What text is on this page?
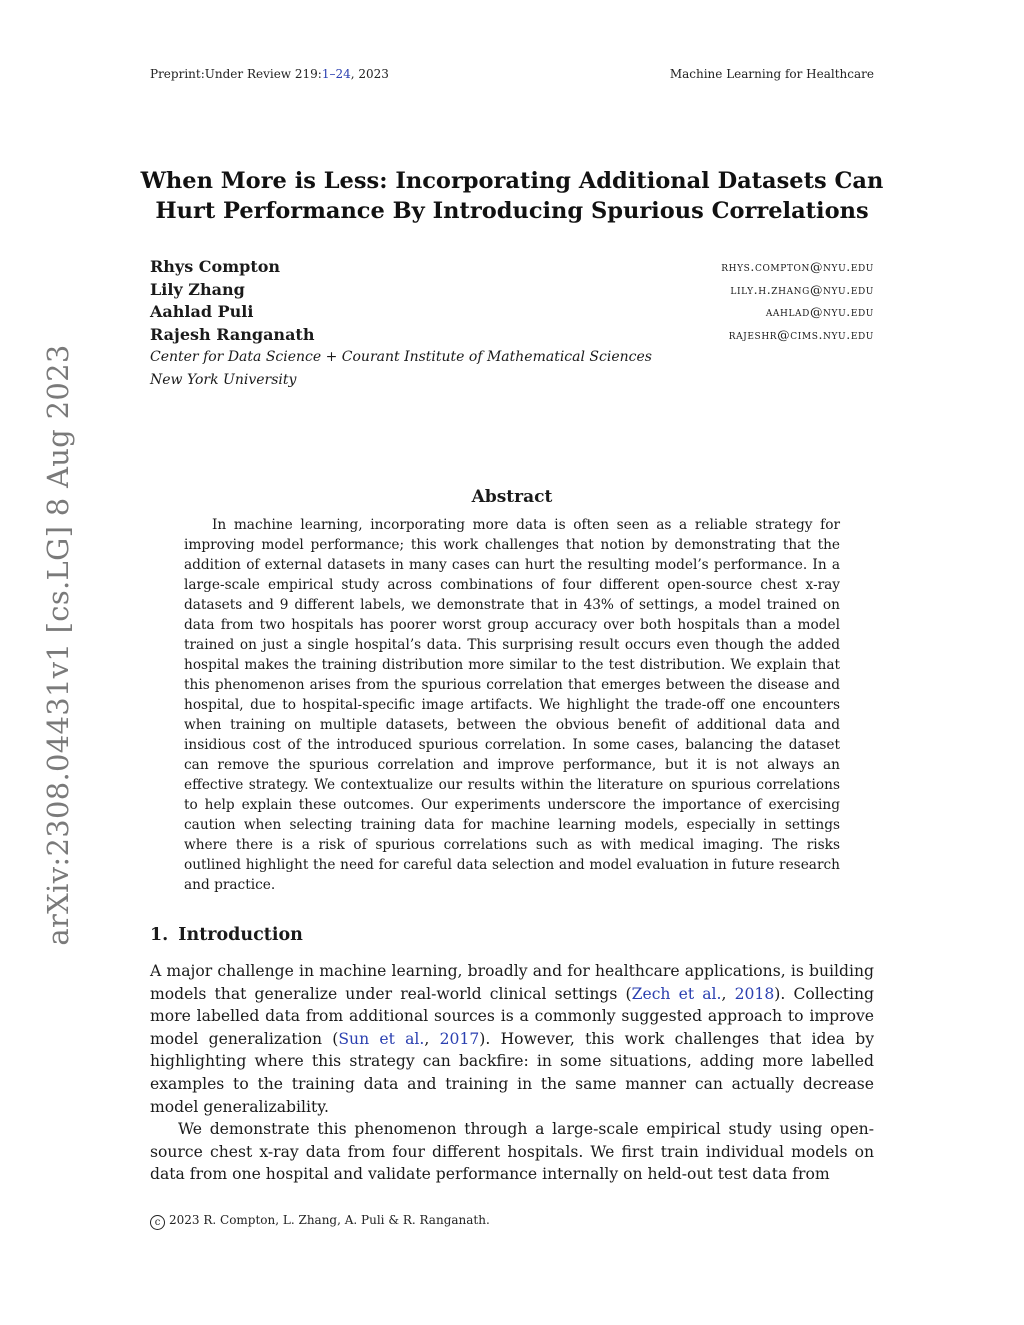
Preprint:Under Review 219:1–24, 2023	Machine Learning for Healthcare
arXiv:2308.04431v1 [cs.LG] 8 Aug 2023
When More is Less: Incorporating Additional Datasets Can
Hurt Performance By Introducing Spurious Correlations
Rhys Compton	rhys.compton@nyu.edu
Lily Zhang	lily.h.zhang@nyu.edu
Aahlad Puli	aahlad@nyu.edu
Rajesh Ranganath	rajeshr@cims.nyu.edu
Center for Data Science + Courant Institute of Mathematical Sciences
New York University
Abstract
In machine learning, incorporating more data is often seen as a reliable strategy for improving model performance; this work challenges that notion by demonstrating that the addition of external datasets in many cases can hurt the resulting model’s performance. In a large-scale empirical study across combinations of four different open-source chest x-ray datasets and 9 different labels, we demonstrate that in 43% of settings, a model trained on data from two hospitals has poorer worst group accuracy over both hospitals than a model trained on just a single hospital’s data. This surprising result occurs even though the added hospital makes the training distribution more similar to the test distribution. We explain that this phenomenon arises from the spurious correlation that emerges between the disease and hospital, due to hospital-specific image artifacts. We highlight the trade-off one encounters when training on multiple datasets, between the obvious benefit of additional data and insidious cost of the introduced spurious correlation. In some cases, balancing the dataset can remove the spurious correlation and improve performance, but it is not always an effective strategy. We contextualize our results within the literature on spurious correlations to help explain these outcomes. Our experiments underscore the importance of exercising caution when selecting training data for machine learning models, especially in settings where there is a risk of spurious correlations such as with medical imaging. The risks outlined highlight the need for careful data selection and model evaluation in future research and practice.
1. Introduction

A major challenge in machine learning, broadly and for healthcare applications, is building models that generalize under real-world clinical settings (Zech et al., 2018). Collecting more labelled data from additional sources is a commonly suggested approach to improve model generalization (Sun et al., 2017). However, this work challenges that idea by highlighting where this strategy can backfire: in some situations, adding more labelled examples to the training data and training in the same manner can actually decrease model generalizability.

We demonstrate this phenomenon through a large-scale empirical study using open-source chest x-ray data from four different hospitals. We first train individual models on data from one hospital and validate performance internally on held-out test data from

c 2023 R. Compton, L. Zhang, A. Puli & R. Ranganath.
